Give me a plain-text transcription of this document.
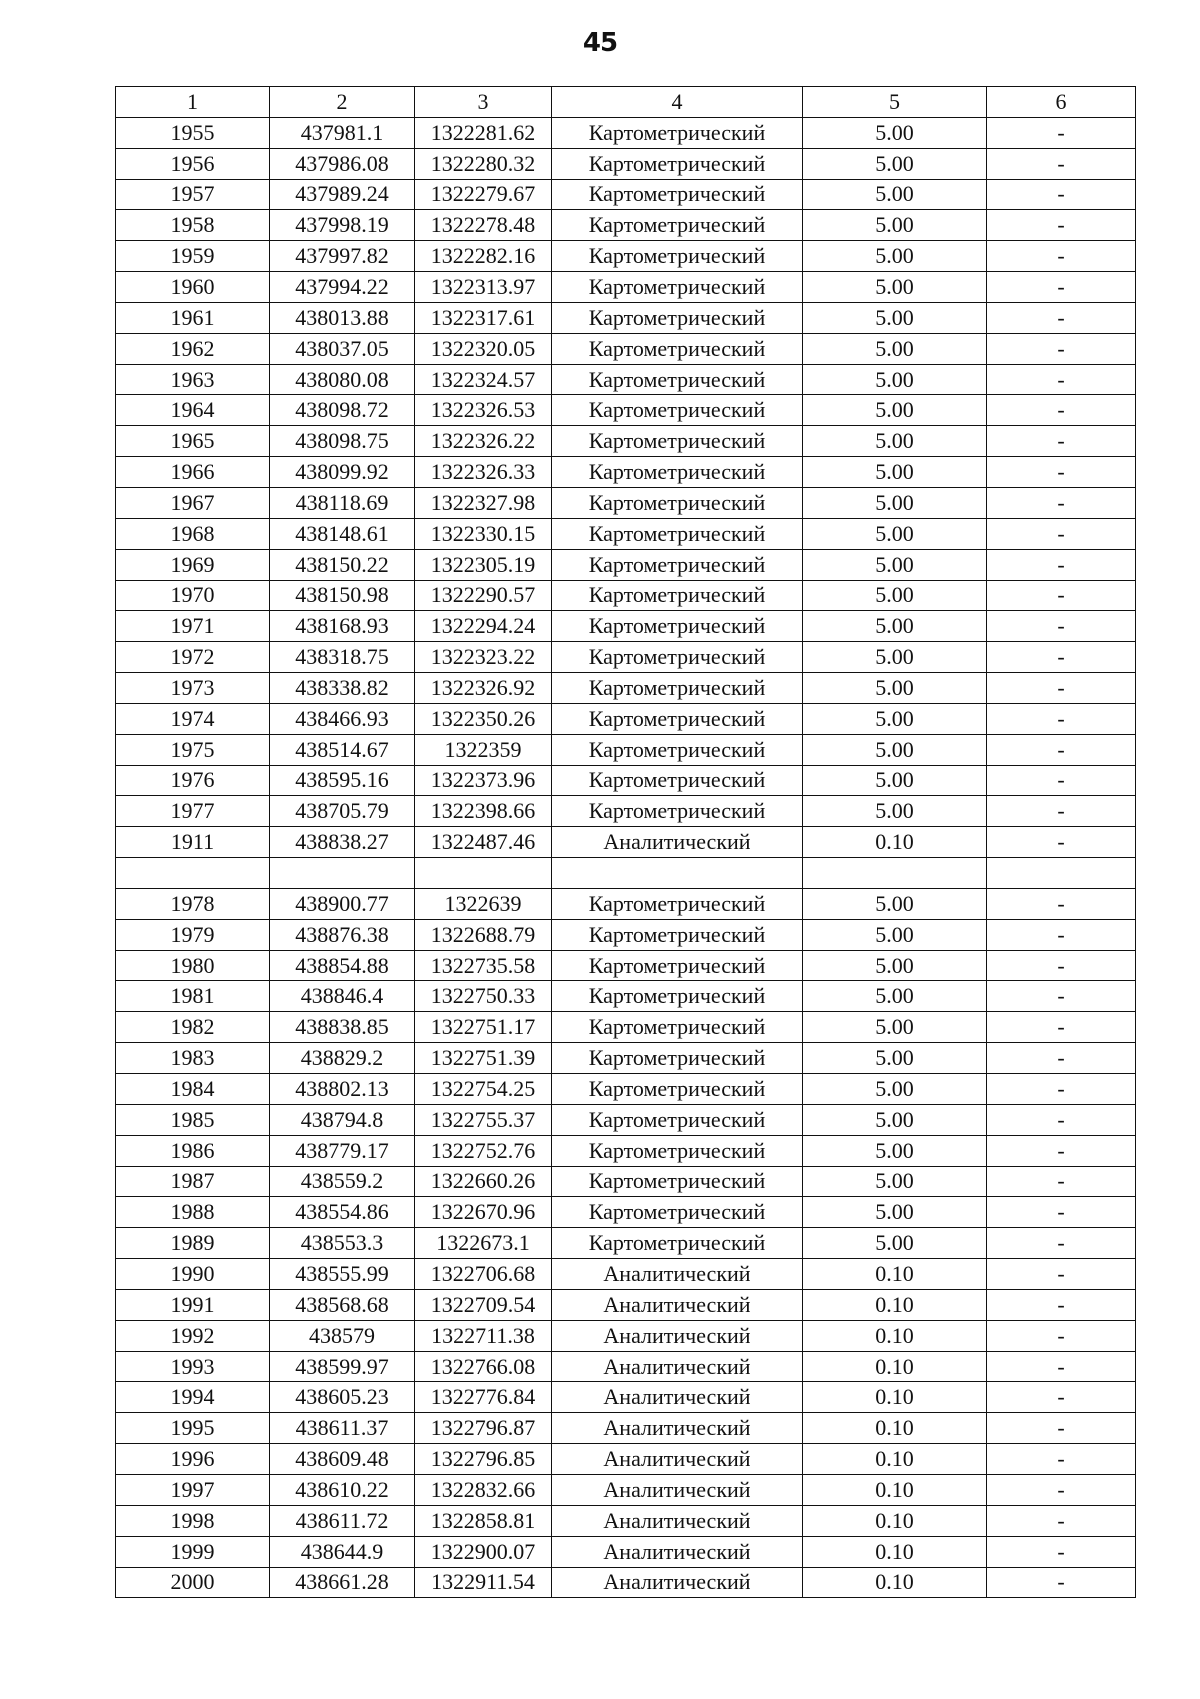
45
1	2	3	4	5	6
1955	437981.1	1322281.62	Картометрический	5.00	-
1956	437986.08	1322280.32	Картометрический	5.00	-
1957	437989.24	1322279.67	Картометрический	5.00	-
1958	437998.19	1322278.48	Картометрический	5.00	-
1959	437997.82	1322282.16	Картометрический	5.00	-
1960	437994.22	1322313.97	Картометрический	5.00	-
1961	438013.88	1322317.61	Картометрический	5.00	-
1962	438037.05	1322320.05	Картометрический	5.00	-
1963	438080.08	1322324.57	Картометрический	5.00	-
1964	438098.72	1322326.53	Картометрический	5.00	-
1965	438098.75	1322326.22	Картометрический	5.00	-
1966	438099.92	1322326.33	Картометрический	5.00	-
1967	438118.69	1322327.98	Картометрический	5.00	-
1968	438148.61	1322330.15	Картометрический	5.00	-
1969	438150.22	1322305.19	Картометрический	5.00	-
1970	438150.98	1322290.57	Картометрический	5.00	-
1971	438168.93	1322294.24	Картометрический	5.00	-
1972	438318.75	1322323.22	Картометрический	5.00	-
1973	438338.82	1322326.92	Картометрический	5.00	-
1974	438466.93	1322350.26	Картометрический	5.00	-
1975	438514.67	1322359	Картометрический	5.00	-
1976	438595.16	1322373.96	Картометрический	5.00	-
1977	438705.79	1322398.66	Картометрический	5.00	-
1911	438838.27	1322487.46	Аналитический	0.10	-

1978	438900.77	1322639	Картометрический	5.00	-
1979	438876.38	1322688.79	Картометрический	5.00	-
1980	438854.88	1322735.58	Картометрический	5.00	-
1981	438846.4	1322750.33	Картометрический	5.00	-
1982	438838.85	1322751.17	Картометрический	5.00	-
1983	438829.2	1322751.39	Картометрический	5.00	-
1984	438802.13	1322754.25	Картометрический	5.00	-
1985	438794.8	1322755.37	Картометрический	5.00	-
1986	438779.17	1322752.76	Картометрический	5.00	-
1987	438559.2	1322660.26	Картометрический	5.00	-
1988	438554.86	1322670.96	Картометрический	5.00	-
1989	438553.3	1322673.1	Картометрический	5.00	-
1990	438555.99	1322706.68	Аналитический	0.10	-
1991	438568.68	1322709.54	Аналитический	0.10	-
1992	438579	1322711.38	Аналитический	0.10	-
1993	438599.97	1322766.08	Аналитический	0.10	-
1994	438605.23	1322776.84	Аналитический	0.10	-
1995	438611.37	1322796.87	Аналитический	0.10	-
1996	438609.48	1322796.85	Аналитический	0.10	-
1997	438610.22	1322832.66	Аналитический	0.10	-
1998	438611.72	1322858.81	Аналитический	0.10	-
1999	438644.9	1322900.07	Аналитический	0.10	-
2000	438661.28	1322911.54	Аналитический	0.10	-
